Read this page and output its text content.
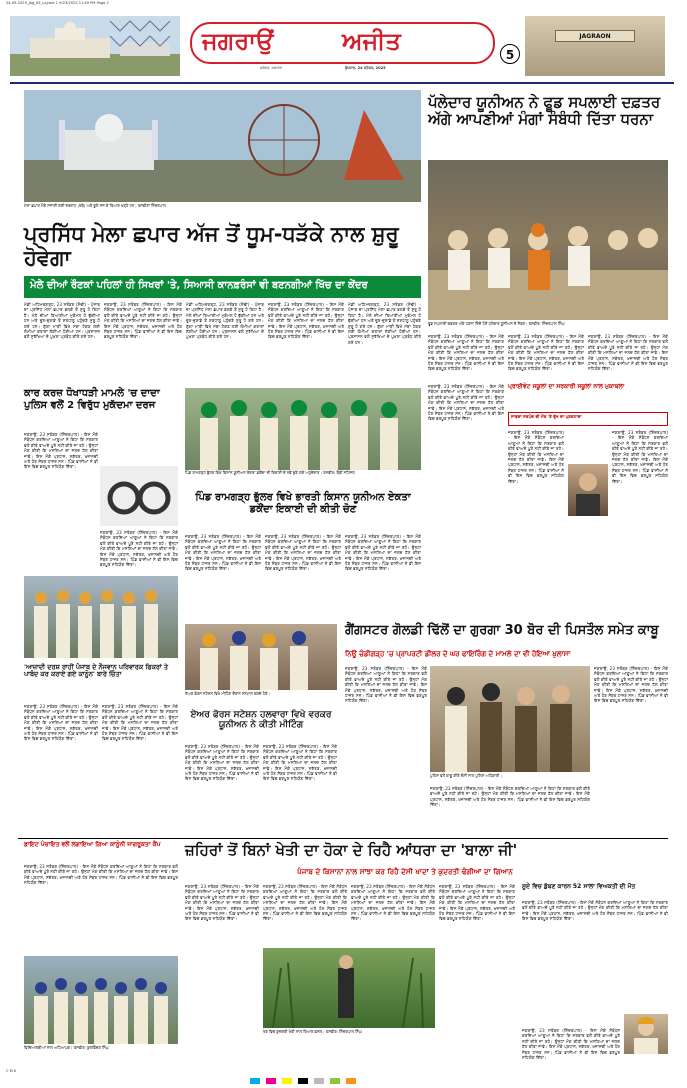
24-09-2025_Jag_05_Layout 1 9/23/2025 11:49 PM Page 2
ਜਗਰਾਉਂ	ਅਜੀਤ
ਜਲੰਧਰ, ਸਕਾਰਣ	ਬੁੱਧਵਾਰ, 24 ਸਤੰਬਰ, 2025
5
JAGRAON
ਮੇਲਾ ਛਪਾਰ ਮੌਕੇ ਸਜਾਈ ਗਈ ਦਰਗਾਹ (ਖੱਬੇ) ਅਤੇ ਝੂਲੇ ਸਜ ਕੇ ਤਿਆਰ ਖੜ੍ਹੇ ਹਨ। ਤਸਵੀਰਾਂ ਸ਼ਿੰਦਰਪਾਲ
ਪ੍ਰਸਿੱਧ ਮੇਲਾ ਛਪਾਰ ਅੱਜ ਤੋਂ ਧੂਮ-ਧੜੱਕੇ ਨਾਲ ਸ਼ੁਰੂ ਹੋਵੇਗਾ
ਮੇਲੇ ਦੀਆਂ ਰੌਣਕਾਂ ਪਹਿਲਾਂ ਹੀ ਸਿਖਰਾਂ 'ਤੇ, ਸਿਆਸੀ ਕਾਨਫ਼ਰੰਸਾਂ ਵੀ ਬਣਨਗੀਆਂ ਖਿੱਚ ਦਾ ਕੇਂਦਰ
ਮੰਡੀ ਅਹਿਮਦਗੜ੍ਹ, 23 ਸਤੰਬਰ (ਸੋਢੀ) - ਪੰਜਾਬ ਦਾ ਪ੍ਰਸਿੱਧ ਮੇਲਾ ਛਪਾਰ ਭਲਕੇ ਤੋਂ ਸ਼ੁਰੂ ਹੋ ਰਿਹਾ ਹੈ। ਮੇਲੇ ਦੀਆਂ ਤਿਆਰੀਆਂ ਮੁਕੰਮਲ ਹੋ ਚੁੱਕੀਆਂ ਹਨ ਅਤੇ ਦੂਰ-ਦੁਰਾਡੇ ਤੋਂ ਸ਼ਰਧਾਲੂ ਪਹੁੰਚਣੇ ਸ਼ੁਰੂ ਹੋ ਗਏ ਹਨ। ਗੁੱਗਾ ਮਾੜੀ ਵਿਖੇ ਮੱਥਾ ਟੇਕਣ ਲਈ ਲੰਮੀਆਂ ਕਤਾਰਾਂ ਲੱਗੀਆਂ ਹੋਈਆਂ ਹਨ। ਪ੍ਰਸ਼ਾਸਨ ਵਲੋਂ ਸੁਰੱਖਿਆ ਦੇ ਪੁਖ਼ਤਾ ਪ੍ਰਬੰਧ ਕੀਤੇ ਗਏ ਹਨ।
ਜਗਰਾਉਂ, 23 ਸਤੰਬਰ (ਸ਼ਿੰਦਰਪਾਲ) - ਇਸ ਮੌਕੇ ਸੰਬੋਧਨ ਕਰਦਿਆਂ ਆਗੂਆਂ ਨੇ ਕਿਹਾ ਕਿ ਸਰਕਾਰ ਵਲੋਂ ਕੀਤੇ ਵਾਅਦੇ ਪੂਰੇ ਨਹੀਂ ਕੀਤੇ ਜਾ ਰਹੇ। ਉਨ੍ਹਾਂ ਮੰਗ ਕੀਤੀ ਕਿ ਮਸਲਿਆਂ ਦਾ ਜਲਦ ਹੱਲ ਕੀਤਾ ਜਾਵੇ। ਇਸ ਮੌਕੇ ਪ੍ਰਧਾਨ, ਸਕੱਤਰ, ਖ਼ਜ਼ਾਨਚੀ ਅਤੇ ਹੋਰ ਮੈਂਬਰ ਹਾਜ਼ਰ ਸਨ। ਪਿੰਡ ਵਾਸੀਆਂ ਨੇ ਵੀ ਇਸ ਵਿਚ ਭਰਪੂਰ ਸਹਿਯੋਗ ਦਿੱਤਾ।
ਮੰਡੀ ਅਹਿਮਦਗੜ੍ਹ, 23 ਸਤੰਬਰ (ਸੋਢੀ) - ਪੰਜਾਬ ਦਾ ਪ੍ਰਸਿੱਧ ਮੇਲਾ ਛਪਾਰ ਭਲਕੇ ਤੋਂ ਸ਼ੁਰੂ ਹੋ ਰਿਹਾ ਹੈ। ਮੇਲੇ ਦੀਆਂ ਤਿਆਰੀਆਂ ਮੁਕੰਮਲ ਹੋ ਚੁੱਕੀਆਂ ਹਨ ਅਤੇ ਦੂਰ-ਦੁਰਾਡੇ ਤੋਂ ਸ਼ਰਧਾਲੂ ਪਹੁੰਚਣੇ ਸ਼ੁਰੂ ਹੋ ਗਏ ਹਨ। ਗੁੱਗਾ ਮਾੜੀ ਵਿਖੇ ਮੱਥਾ ਟੇਕਣ ਲਈ ਲੰਮੀਆਂ ਕਤਾਰਾਂ ਲੱਗੀਆਂ ਹੋਈਆਂ ਹਨ। ਪ੍ਰਸ਼ਾਸਨ ਵਲੋਂ ਸੁਰੱਖਿਆ ਦੇ ਪੁਖ਼ਤਾ ਪ੍ਰਬੰਧ ਕੀਤੇ ਗਏ ਹਨ।
ਜਗਰਾਉਂ, 23 ਸਤੰਬਰ (ਸ਼ਿੰਦਰਪਾਲ) - ਇਸ ਮੌਕੇ ਸੰਬੋਧਨ ਕਰਦਿਆਂ ਆਗੂਆਂ ਨੇ ਕਿਹਾ ਕਿ ਸਰਕਾਰ ਵਲੋਂ ਕੀਤੇ ਵਾਅਦੇ ਪੂਰੇ ਨਹੀਂ ਕੀਤੇ ਜਾ ਰਹੇ। ਉਨ੍ਹਾਂ ਮੰਗ ਕੀਤੀ ਕਿ ਮਸਲਿਆਂ ਦਾ ਜਲਦ ਹੱਲ ਕੀਤਾ ਜਾਵੇ। ਇਸ ਮੌਕੇ ਪ੍ਰਧਾਨ, ਸਕੱਤਰ, ਖ਼ਜ਼ਾਨਚੀ ਅਤੇ ਹੋਰ ਮੈਂਬਰ ਹਾਜ਼ਰ ਸਨ। ਪਿੰਡ ਵਾਸੀਆਂ ਨੇ ਵੀ ਇਸ ਵਿਚ ਭਰਪੂਰ ਸਹਿਯੋਗ ਦਿੱਤਾ।
ਮੰਡੀ ਅਹਿਮਦਗੜ੍ਹ, 23 ਸਤੰਬਰ (ਸੋਢੀ) - ਪੰਜਾਬ ਦਾ ਪ੍ਰਸਿੱਧ ਮੇਲਾ ਛਪਾਰ ਭਲਕੇ ਤੋਂ ਸ਼ੁਰੂ ਹੋ ਰਿਹਾ ਹੈ। ਮੇਲੇ ਦੀਆਂ ਤਿਆਰੀਆਂ ਮੁਕੰਮਲ ਹੋ ਚੁੱਕੀਆਂ ਹਨ ਅਤੇ ਦੂਰ-ਦੁਰਾਡੇ ਤੋਂ ਸ਼ਰਧਾਲੂ ਪਹੁੰਚਣੇ ਸ਼ੁਰੂ ਹੋ ਗਏ ਹਨ। ਗੁੱਗਾ ਮਾੜੀ ਵਿਖੇ ਮੱਥਾ ਟੇਕਣ ਲਈ ਲੰਮੀਆਂ ਕਤਾਰਾਂ ਲੱਗੀਆਂ ਹੋਈਆਂ ਹਨ। ਪ੍ਰਸ਼ਾਸਨ ਵਲੋਂ ਸੁਰੱਖਿਆ ਦੇ ਪੁਖ਼ਤਾ ਪ੍ਰਬੰਧ ਕੀਤੇ ਗਏ ਹਨ।
ਪੱਲੇਦਾਰ ਯੂਨੀਅਨ ਨੇ ਫੂਡ ਸਪਲਾਈ ਦਫ਼ਤਰ ਅੱਗੇ ਆਪਣੀਆਂ ਮੰਗਾਂ ਸੰਬੰਧੀ ਦਿੱਤਾ ਧਰਨਾ
ਫੂਡ ਸਪਲਾਈ ਦਫ਼ਤਰ ਅੱਗੇ ਧਰਨਾ ਦਿੰਦੇ ਹੋਏ ਪੱਲੇਦਾਰ ਯੂਨੀਅਨ ਦੇ ਮੈਂਬਰ। ਤਸਵੀਰ: ਸ਼ਿੰਦਰਪਾਲ ਸਿੰਘ
ਜਗਰਾਉਂ, 23 ਸਤੰਬਰ (ਸ਼ਿੰਦਰਪਾਲ) - ਇਸ ਮੌਕੇ ਸੰਬੋਧਨ ਕਰਦਿਆਂ ਆਗੂਆਂ ਨੇ ਕਿਹਾ ਕਿ ਸਰਕਾਰ ਵਲੋਂ ਕੀਤੇ ਵਾਅਦੇ ਪੂਰੇ ਨਹੀਂ ਕੀਤੇ ਜਾ ਰਹੇ। ਉਨ੍ਹਾਂ ਮੰਗ ਕੀਤੀ ਕਿ ਮਸਲਿਆਂ ਦਾ ਜਲਦ ਹੱਲ ਕੀਤਾ ਜਾਵੇ। ਇਸ ਮੌਕੇ ਪ੍ਰਧਾਨ, ਸਕੱਤਰ, ਖ਼ਜ਼ਾਨਚੀ ਅਤੇ ਹੋਰ ਮੈਂਬਰ ਹਾਜ਼ਰ ਸਨ। ਪਿੰਡ ਵਾਸੀਆਂ ਨੇ ਵੀ ਇਸ ਵਿਚ ਭਰਪੂਰ ਸਹਿਯੋਗ ਦਿੱਤਾ।
ਜਗਰਾਉਂ, 23 ਸਤੰਬਰ (ਸ਼ਿੰਦਰਪਾਲ) - ਇਸ ਮੌਕੇ ਸੰਬੋਧਨ ਕਰਦਿਆਂ ਆਗੂਆਂ ਨੇ ਕਿਹਾ ਕਿ ਸਰਕਾਰ ਵਲੋਂ ਕੀਤੇ ਵਾਅਦੇ ਪੂਰੇ ਨਹੀਂ ਕੀਤੇ ਜਾ ਰਹੇ। ਉਨ੍ਹਾਂ ਮੰਗ ਕੀਤੀ ਕਿ ਮਸਲਿਆਂ ਦਾ ਜਲਦ ਹੱਲ ਕੀਤਾ ਜਾਵੇ। ਇਸ ਮੌਕੇ ਪ੍ਰਧਾਨ, ਸਕੱਤਰ, ਖ਼ਜ਼ਾਨਚੀ ਅਤੇ ਹੋਰ ਮੈਂਬਰ ਹਾਜ਼ਰ ਸਨ। ਪਿੰਡ ਵਾਸੀਆਂ ਨੇ ਵੀ ਇਸ ਵਿਚ ਭਰਪੂਰ ਸਹਿਯੋਗ ਦਿੱਤਾ।
ਜਗਰਾਉਂ, 23 ਸਤੰਬਰ (ਸ਼ਿੰਦਰਪਾਲ) - ਇਸ ਮੌਕੇ ਸੰਬੋਧਨ ਕਰਦਿਆਂ ਆਗੂਆਂ ਨੇ ਕਿਹਾ ਕਿ ਸਰਕਾਰ ਵਲੋਂ ਕੀਤੇ ਵਾਅਦੇ ਪੂਰੇ ਨਹੀਂ ਕੀਤੇ ਜਾ ਰਹੇ। ਉਨ੍ਹਾਂ ਮੰਗ ਕੀਤੀ ਕਿ ਮਸਲਿਆਂ ਦਾ ਜਲਦ ਹੱਲ ਕੀਤਾ ਜਾਵੇ। ਇਸ ਮੌਕੇ ਪ੍ਰਧਾਨ, ਸਕੱਤਰ, ਖ਼ਜ਼ਾਨਚੀ ਅਤੇ ਹੋਰ ਮੈਂਬਰ ਹਾਜ਼ਰ ਸਨ। ਪਿੰਡ ਵਾਸੀਆਂ ਨੇ ਵੀ ਇਸ ਵਿਚ ਭਰਪੂਰ ਸਹਿਯੋਗ ਦਿੱਤਾ।
ਕਾਰ ਕਰਜ਼ ਧੋਖਾਧੜੀ ਮਾਮਲੇ 'ਚ ਦਾਦਾ ਪੁਲਿਸ ਵਲੋਂ 2 ਵਿਰੁੱਧ ਮੁਕੱਦਮਾ ਦਰਜ
ਜਗਰਾਉਂ, 23 ਸਤੰਬਰ (ਸ਼ਿੰਦਰਪਾਲ) - ਇਸ ਮੌਕੇ ਸੰਬੋਧਨ ਕਰਦਿਆਂ ਆਗੂਆਂ ਨੇ ਕਿਹਾ ਕਿ ਸਰਕਾਰ ਵਲੋਂ ਕੀਤੇ ਵਾਅਦੇ ਪੂਰੇ ਨਹੀਂ ਕੀਤੇ ਜਾ ਰਹੇ। ਉਨ੍ਹਾਂ ਮੰਗ ਕੀਤੀ ਕਿ ਮਸਲਿਆਂ ਦਾ ਜਲਦ ਹੱਲ ਕੀਤਾ ਜਾਵੇ। ਇਸ ਮੌਕੇ ਪ੍ਰਧਾਨ, ਸਕੱਤਰ, ਖ਼ਜ਼ਾਨਚੀ ਅਤੇ ਹੋਰ ਮੈਂਬਰ ਹਾਜ਼ਰ ਸਨ। ਪਿੰਡ ਵਾਸੀਆਂ ਨੇ ਵੀ ਇਸ ਵਿਚ ਭਰਪੂਰ ਸਹਿਯੋਗ ਦਿੱਤਾ।
ਜਗਰਾਉਂ, 23 ਸਤੰਬਰ (ਸ਼ਿੰਦਰਪਾਲ) - ਇਸ ਮੌਕੇ ਸੰਬੋਧਨ ਕਰਦਿਆਂ ਆਗੂਆਂ ਨੇ ਕਿਹਾ ਕਿ ਸਰਕਾਰ ਵਲੋਂ ਕੀਤੇ ਵਾਅਦੇ ਪੂਰੇ ਨਹੀਂ ਕੀਤੇ ਜਾ ਰਹੇ। ਉਨ੍ਹਾਂ ਮੰਗ ਕੀਤੀ ਕਿ ਮਸਲਿਆਂ ਦਾ ਜਲਦ ਹੱਲ ਕੀਤਾ ਜਾਵੇ। ਇਸ ਮੌਕੇ ਪ੍ਰਧਾਨ, ਸਕੱਤਰ, ਖ਼ਜ਼ਾਨਚੀ ਅਤੇ ਹੋਰ ਮੈਂਬਰ ਹਾਜ਼ਰ ਸਨ। ਪਿੰਡ ਵਾਸੀਆਂ ਨੇ ਵੀ ਇਸ ਵਿਚ ਭਰਪੂਰ ਸਹਿਯੋਗ ਦਿੱਤਾ।
ਪਿੰਡ ਰਾਮਗੜ੍ਹ ਭੁੱਲਰ ਵਿਖੇ ਕਿਸਾਨ ਯੂਨੀਅਨ ਏਕਤਾ ਡਕੌਂਦਾ ਦੀ ਇਕਾਈ ਦੇ ਨਵੇਂ ਚੁਣੇ ਗਏ ਅਹੁਦੇਦਾਰ। ਤਸਵੀਰ: ਬੌਬੀ ਸਹਿਜਲ
ਪਿੰਡ ਰਾਮਗੜ੍ਹ ਭੁੱਲਰ ਵਿਖੇ ਭਾਰਤੀ ਕਿਸਾਨ ਯੂਨੀਅਨ ਏਕਤਾ ਡਕੌਂਦਾ ਇਕਾਈ ਦੀ ਕੀਤੀ ਚੋਣ
ਜਗਰਾਉਂ, 23 ਸਤੰਬਰ (ਸ਼ਿੰਦਰਪਾਲ) - ਇਸ ਮੌਕੇ ਸੰਬੋਧਨ ਕਰਦਿਆਂ ਆਗੂਆਂ ਨੇ ਕਿਹਾ ਕਿ ਸਰਕਾਰ ਵਲੋਂ ਕੀਤੇ ਵਾਅਦੇ ਪੂਰੇ ਨਹੀਂ ਕੀਤੇ ਜਾ ਰਹੇ। ਉਨ੍ਹਾਂ ਮੰਗ ਕੀਤੀ ਕਿ ਮਸਲਿਆਂ ਦਾ ਜਲਦ ਹੱਲ ਕੀਤਾ ਜਾਵੇ। ਇਸ ਮੌਕੇ ਪ੍ਰਧਾਨ, ਸਕੱਤਰ, ਖ਼ਜ਼ਾਨਚੀ ਅਤੇ ਹੋਰ ਮੈਂਬਰ ਹਾਜ਼ਰ ਸਨ। ਪਿੰਡ ਵਾਸੀਆਂ ਨੇ ਵੀ ਇਸ ਵਿਚ ਭਰਪੂਰ ਸਹਿਯੋਗ ਦਿੱਤਾ।
ਜਗਰਾਉਂ, 23 ਸਤੰਬਰ (ਸ਼ਿੰਦਰਪਾਲ) - ਇਸ ਮੌਕੇ ਸੰਬੋਧਨ ਕਰਦਿਆਂ ਆਗੂਆਂ ਨੇ ਕਿਹਾ ਕਿ ਸਰਕਾਰ ਵਲੋਂ ਕੀਤੇ ਵਾਅਦੇ ਪੂਰੇ ਨਹੀਂ ਕੀਤੇ ਜਾ ਰਹੇ। ਉਨ੍ਹਾਂ ਮੰਗ ਕੀਤੀ ਕਿ ਮਸਲਿਆਂ ਦਾ ਜਲਦ ਹੱਲ ਕੀਤਾ ਜਾਵੇ। ਇਸ ਮੌਕੇ ਪ੍ਰਧਾਨ, ਸਕੱਤਰ, ਖ਼ਜ਼ਾਨਚੀ ਅਤੇ ਹੋਰ ਮੈਂਬਰ ਹਾਜ਼ਰ ਸਨ। ਪਿੰਡ ਵਾਸੀਆਂ ਨੇ ਵੀ ਇਸ ਵਿਚ ਭਰਪੂਰ ਸਹਿਯੋਗ ਦਿੱਤਾ।
ਜਗਰਾਉਂ, 23 ਸਤੰਬਰ (ਸ਼ਿੰਦਰਪਾਲ) - ਇਸ ਮੌਕੇ ਸੰਬੋਧਨ ਕਰਦਿਆਂ ਆਗੂਆਂ ਨੇ ਕਿਹਾ ਕਿ ਸਰਕਾਰ ਵਲੋਂ ਕੀਤੇ ਵਾਅਦੇ ਪੂਰੇ ਨਹੀਂ ਕੀਤੇ ਜਾ ਰਹੇ। ਉਨ੍ਹਾਂ ਮੰਗ ਕੀਤੀ ਕਿ ਮਸਲਿਆਂ ਦਾ ਜਲਦ ਹੱਲ ਕੀਤਾ ਜਾਵੇ। ਇਸ ਮੌਕੇ ਪ੍ਰਧਾਨ, ਸਕੱਤਰ, ਖ਼ਜ਼ਾਨਚੀ ਅਤੇ ਹੋਰ ਮੈਂਬਰ ਹਾਜ਼ਰ ਸਨ। ਪਿੰਡ ਵਾਸੀਆਂ ਨੇ ਵੀ ਇਸ ਵਿਚ ਭਰਪੂਰ ਸਹਿਯੋਗ ਦਿੱਤਾ।
ਪ੍ਰਾਈਵੇਟ ਸਕੂਲਾਂ ਦਾ ਸਰਕਾਰੀ ਸਕੂਲਾਂ ਨਾਲ ਮੁਕਾਬਲਾ
ਜਗਰਾਉਂ, 23 ਸਤੰਬਰ (ਸ਼ਿੰਦਰਪਾਲ) - ਇਸ ਮੌਕੇ ਸੰਬੋਧਨ ਕਰਦਿਆਂ ਆਗੂਆਂ ਨੇ ਕਿਹਾ ਕਿ ਸਰਕਾਰ ਵਲੋਂ ਕੀਤੇ ਵਾਅਦੇ ਪੂਰੇ ਨਹੀਂ ਕੀਤੇ ਜਾ ਰਹੇ। ਉਨ੍ਹਾਂ ਮੰਗ ਕੀਤੀ ਕਿ ਮਸਲਿਆਂ ਦਾ ਜਲਦ ਹੱਲ ਕੀਤਾ ਜਾਵੇ। ਇਸ ਮੌਕੇ ਪ੍ਰਧਾਨ, ਸਕੱਤਰ, ਖ਼ਜ਼ਾਨਚੀ ਅਤੇ ਹੋਰ ਮੈਂਬਰ ਹਾਜ਼ਰ ਸਨ। ਪਿੰਡ ਵਾਸੀਆਂ ਨੇ ਵੀ ਇਸ ਵਿਚ ਭਰਪੂਰ ਸਹਿਯੋਗ ਦਿੱਤਾ।	ਸਾਬਕਾ ਸਰਪੰਚ ਦੀ ਮੌਤ 'ਤੇ ਦੁੱਖ ਦਾ ਪ੍ਰਗਟਾਵਾ
ਜਗਰਾਉਂ, 23 ਸਤੰਬਰ (ਸ਼ਿੰਦਰਪਾਲ) - ਇਸ ਮੌਕੇ ਸੰਬੋਧਨ ਕਰਦਿਆਂ ਆਗੂਆਂ ਨੇ ਕਿਹਾ ਕਿ ਸਰਕਾਰ ਵਲੋਂ ਕੀਤੇ ਵਾਅਦੇ ਪੂਰੇ ਨਹੀਂ ਕੀਤੇ ਜਾ ਰਹੇ। ਉਨ੍ਹਾਂ ਮੰਗ ਕੀਤੀ ਕਿ ਮਸਲਿਆਂ ਦਾ ਜਲਦ ਹੱਲ ਕੀਤਾ ਜਾਵੇ। ਇਸ ਮੌਕੇ ਪ੍ਰਧਾਨ, ਸਕੱਤਰ, ਖ਼ਜ਼ਾਨਚੀ ਅਤੇ ਹੋਰ ਮੈਂਬਰ ਹਾਜ਼ਰ ਸਨ। ਪਿੰਡ ਵਾਸੀਆਂ ਨੇ ਵੀ ਇਸ ਵਿਚ ਭਰਪੂਰ ਸਹਿਯੋਗ ਦਿੱਤਾ।
ਜਗਰਾਉਂ, 23 ਸਤੰਬਰ (ਸ਼ਿੰਦਰਪਾਲ) - ਇਸ ਮੌਕੇ ਸੰਬੋਧਨ ਕਰਦਿਆਂ ਆਗੂਆਂ ਨੇ ਕਿਹਾ ਕਿ ਸਰਕਾਰ ਵਲੋਂ ਕੀਤੇ ਵਾਅਦੇ ਪੂਰੇ ਨਹੀਂ ਕੀਤੇ ਜਾ ਰਹੇ। ਉਨ੍ਹਾਂ ਮੰਗ ਕੀਤੀ ਕਿ ਮਸਲਿਆਂ ਦਾ ਜਲਦ ਹੱਲ ਕੀਤਾ ਜਾਵੇ। ਇਸ ਮੌਕੇ ਪ੍ਰਧਾਨ, ਸਕੱਤਰ, ਖ਼ਜ਼ਾਨਚੀ ਅਤੇ ਹੋਰ ਮੈਂਬਰ ਹਾਜ਼ਰ ਸਨ। ਪਿੰਡ ਵਾਸੀਆਂ ਨੇ ਵੀ ਇਸ ਵਿਚ ਭਰਪੂਰ ਸਹਿਯੋਗ ਦਿੱਤਾ।
'ਆਜ਼ਾਦੀ ਦਰਸ਼ ਰਾਹੀਂ ਪੰਜਾਬ ਦੇ ਨੌਜਵਾਨ ਪਰਿਵਾਰਕ ਫਿਕਰਾਂ ਤੇ ਪਾਬੰਦ ਕਰ ਕਰਾਏ ਗਏ ਕਾਨੂੰਨ' ਬਾਰੇ ਚਿੰਤਾ
ਜਗਰਾਉਂ, 23 ਸਤੰਬਰ (ਸ਼ਿੰਦਰਪਾਲ) - ਇਸ ਮੌਕੇ ਸੰਬੋਧਨ ਕਰਦਿਆਂ ਆਗੂਆਂ ਨੇ ਕਿਹਾ ਕਿ ਸਰਕਾਰ ਵਲੋਂ ਕੀਤੇ ਵਾਅਦੇ ਪੂਰੇ ਨਹੀਂ ਕੀਤੇ ਜਾ ਰਹੇ। ਉਨ੍ਹਾਂ ਮੰਗ ਕੀਤੀ ਕਿ ਮਸਲਿਆਂ ਦਾ ਜਲਦ ਹੱਲ ਕੀਤਾ ਜਾਵੇ। ਇਸ ਮੌਕੇ ਪ੍ਰਧਾਨ, ਸਕੱਤਰ, ਖ਼ਜ਼ਾਨਚੀ ਅਤੇ ਹੋਰ ਮੈਂਬਰ ਹਾਜ਼ਰ ਸਨ। ਪਿੰਡ ਵਾਸੀਆਂ ਨੇ ਵੀ ਇਸ ਵਿਚ ਭਰਪੂਰ ਸਹਿਯੋਗ ਦਿੱਤਾ।
ਜਗਰਾਉਂ, 23 ਸਤੰਬਰ (ਸ਼ਿੰਦਰਪਾਲ) - ਇਸ ਮੌਕੇ ਸੰਬੋਧਨ ਕਰਦਿਆਂ ਆਗੂਆਂ ਨੇ ਕਿਹਾ ਕਿ ਸਰਕਾਰ ਵਲੋਂ ਕੀਤੇ ਵਾਅਦੇ ਪੂਰੇ ਨਹੀਂ ਕੀਤੇ ਜਾ ਰਹੇ। ਉਨ੍ਹਾਂ ਮੰਗ ਕੀਤੀ ਕਿ ਮਸਲਿਆਂ ਦਾ ਜਲਦ ਹੱਲ ਕੀਤਾ ਜਾਵੇ। ਇਸ ਮੌਕੇ ਪ੍ਰਧਾਨ, ਸਕੱਤਰ, ਖ਼ਜ਼ਾਨਚੀ ਅਤੇ ਹੋਰ ਮੈਂਬਰ ਹਾਜ਼ਰ ਸਨ। ਪਿੰਡ ਵਾਸੀਆਂ ਨੇ ਵੀ ਇਸ ਵਿਚ ਭਰਪੂਰ ਸਹਿਯੋਗ ਦਿੱਤਾ।
ਏਅਰ ਫੋਰਸ ਸਟੇਸ਼ਨ ਵਿਖੇ ਮੀਟਿੰਗ ਦੌਰਾਨ ਸਨਮਾਨ ਕਰਦੇ ਹੋਏ।
ਏਅਰ ਫੋਰਸ ਸਟੇਸ਼ਨ ਹਲਵਾਰਾ ਵਿਖੇ ਵਰਕਰ ਯੂਨੀਅਨ ਨੇ ਕੀਤੀ ਮੀਟਿੰਗ
ਜਗਰਾਉਂ, 23 ਸਤੰਬਰ (ਸ਼ਿੰਦਰਪਾਲ) - ਇਸ ਮੌਕੇ ਸੰਬੋਧਨ ਕਰਦਿਆਂ ਆਗੂਆਂ ਨੇ ਕਿਹਾ ਕਿ ਸਰਕਾਰ ਵਲੋਂ ਕੀਤੇ ਵਾਅਦੇ ਪੂਰੇ ਨਹੀਂ ਕੀਤੇ ਜਾ ਰਹੇ। ਉਨ੍ਹਾਂ ਮੰਗ ਕੀਤੀ ਕਿ ਮਸਲਿਆਂ ਦਾ ਜਲਦ ਹੱਲ ਕੀਤਾ ਜਾਵੇ। ਇਸ ਮੌਕੇ ਪ੍ਰਧਾਨ, ਸਕੱਤਰ, ਖ਼ਜ਼ਾਨਚੀ ਅਤੇ ਹੋਰ ਮੈਂਬਰ ਹਾਜ਼ਰ ਸਨ। ਪਿੰਡ ਵਾਸੀਆਂ ਨੇ ਵੀ ਇਸ ਵਿਚ ਭਰਪੂਰ ਸਹਿਯੋਗ ਦਿੱਤਾ।
ਜਗਰਾਉਂ, 23 ਸਤੰਬਰ (ਸ਼ਿੰਦਰਪਾਲ) - ਇਸ ਮੌਕੇ ਸੰਬੋਧਨ ਕਰਦਿਆਂ ਆਗੂਆਂ ਨੇ ਕਿਹਾ ਕਿ ਸਰਕਾਰ ਵਲੋਂ ਕੀਤੇ ਵਾਅਦੇ ਪੂਰੇ ਨਹੀਂ ਕੀਤੇ ਜਾ ਰਹੇ। ਉਨ੍ਹਾਂ ਮੰਗ ਕੀਤੀ ਕਿ ਮਸਲਿਆਂ ਦਾ ਜਲਦ ਹੱਲ ਕੀਤਾ ਜਾਵੇ। ਇਸ ਮੌਕੇ ਪ੍ਰਧਾਨ, ਸਕੱਤਰ, ਖ਼ਜ਼ਾਨਚੀ ਅਤੇ ਹੋਰ ਮੈਂਬਰ ਹਾਜ਼ਰ ਸਨ। ਪਿੰਡ ਵਾਸੀਆਂ ਨੇ ਵੀ ਇਸ ਵਿਚ ਭਰਪੂਰ ਸਹਿਯੋਗ ਦਿੱਤਾ।
ਗੈਂਗਸਟਰ ਗੋਲਡੀ ਢਿੱਲੋਂ ਦਾ ਗੁਰਗਾ 30 ਬੋਰ ਦੀ ਪਿਸਤੌਲ ਸਮੇਤ ਕਾਬੂ
ਨਿਊ ਚੰਡੀਗੜ੍ਹ 'ਚ ਪ੍ਰਾਪਰਟੀ ਡੀਲਰ ਦੇ ਘਰ ਫਾਇਰਿੰਗ ਦੇ ਮਾਮਲੇ ਦਾ ਵੀ ਹੋਇਆ ਖ਼ੁਲਾਸਾ
ਜਗਰਾਉਂ, 23 ਸਤੰਬਰ (ਸ਼ਿੰਦਰਪਾਲ) - ਇਸ ਮੌਕੇ ਸੰਬੋਧਨ ਕਰਦਿਆਂ ਆਗੂਆਂ ਨੇ ਕਿਹਾ ਕਿ ਸਰਕਾਰ ਵਲੋਂ ਕੀਤੇ ਵਾਅਦੇ ਪੂਰੇ ਨਹੀਂ ਕੀਤੇ ਜਾ ਰਹੇ। ਉਨ੍ਹਾਂ ਮੰਗ ਕੀਤੀ ਕਿ ਮਸਲਿਆਂ ਦਾ ਜਲਦ ਹੱਲ ਕੀਤਾ ਜਾਵੇ। ਇਸ ਮੌਕੇ ਪ੍ਰਧਾਨ, ਸਕੱਤਰ, ਖ਼ਜ਼ਾਨਚੀ ਅਤੇ ਹੋਰ ਮੈਂਬਰ ਹਾਜ਼ਰ ਸਨ। ਪਿੰਡ ਵਾਸੀਆਂ ਨੇ ਵੀ ਇਸ ਵਿਚ ਭਰਪੂਰ ਸਹਿਯੋਗ ਦਿੱਤਾ।
ਪੁਲਿਸ ਵਲੋਂ ਕਾਬੂ ਕੀਤੇ ਦੋਸ਼ੀ ਨਾਲ ਪੁਲਿਸ ਅਧਿਕਾਰੀ।
ਜਗਰਾਉਂ, 23 ਸਤੰਬਰ (ਸ਼ਿੰਦਰਪਾਲ) - ਇਸ ਮੌਕੇ ਸੰਬੋਧਨ ਕਰਦਿਆਂ ਆਗੂਆਂ ਨੇ ਕਿਹਾ ਕਿ ਸਰਕਾਰ ਵਲੋਂ ਕੀਤੇ ਵਾਅਦੇ ਪੂਰੇ ਨਹੀਂ ਕੀਤੇ ਜਾ ਰਹੇ। ਉਨ੍ਹਾਂ ਮੰਗ ਕੀਤੀ ਕਿ ਮਸਲਿਆਂ ਦਾ ਜਲਦ ਹੱਲ ਕੀਤਾ ਜਾਵੇ। ਇਸ ਮੌਕੇ ਪ੍ਰਧਾਨ, ਸਕੱਤਰ, ਖ਼ਜ਼ਾਨਚੀ ਅਤੇ ਹੋਰ ਮੈਂਬਰ ਹਾਜ਼ਰ ਸਨ। ਪਿੰਡ ਵਾਸੀਆਂ ਨੇ ਵੀ ਇਸ ਵਿਚ ਭਰਪੂਰ ਸਹਿਯੋਗ ਦਿੱਤਾ।
ਜਗਰਾਉਂ, 23 ਸਤੰਬਰ (ਸ਼ਿੰਦਰਪਾਲ) - ਇਸ ਮੌਕੇ ਸੰਬੋਧਨ ਕਰਦਿਆਂ ਆਗੂਆਂ ਨੇ ਕਿਹਾ ਕਿ ਸਰਕਾਰ ਵਲੋਂ ਕੀਤੇ ਵਾਅਦੇ ਪੂਰੇ ਨਹੀਂ ਕੀਤੇ ਜਾ ਰਹੇ। ਉਨ੍ਹਾਂ ਮੰਗ ਕੀਤੀ ਕਿ ਮਸਲਿਆਂ ਦਾ ਜਲਦ ਹੱਲ ਕੀਤਾ ਜਾਵੇ। ਇਸ ਮੌਕੇ ਪ੍ਰਧਾਨ, ਸਕੱਤਰ, ਖ਼ਜ਼ਾਨਚੀ ਅਤੇ ਹੋਰ ਮੈਂਬਰ ਹਾਜ਼ਰ ਸਨ। ਪਿੰਡ ਵਾਸੀਆਂ ਨੇ ਵੀ ਇਸ ਵਿਚ ਭਰਪੂਰ ਸਹਿਯੋਗ ਦਿੱਤਾ।
ਜ਼ਹਿਰਾਂ ਤੋਂ ਬਿਨਾਂ ਖੇਤੀ ਦਾ ਹੋਕਾ ਦੇ ਰਿਹੈ ਆਂਧਰਾ ਦਾ 'ਬਾਲਾ ਜੀ'
ਪੰਜਾਬ ਦੇ ਕਿਸਾਨਾਂ ਨਾਲ ਸਾਂਝਾ ਕਰ ਰਿਹੈ ਦੇਸੀ ਖਾਦਾਂ ਤੇ ਕੁਦਰਤੀ ਢੰਗੀਆਂ ਦਾ ਗਿਆਨ
ਜਗਰਾਉਂ, 23 ਸਤੰਬਰ (ਸ਼ਿੰਦਰਪਾਲ) - ਇਸ ਮੌਕੇ ਸੰਬੋਧਨ ਕਰਦਿਆਂ ਆਗੂਆਂ ਨੇ ਕਿਹਾ ਕਿ ਸਰਕਾਰ ਵਲੋਂ ਕੀਤੇ ਵਾਅਦੇ ਪੂਰੇ ਨਹੀਂ ਕੀਤੇ ਜਾ ਰਹੇ। ਉਨ੍ਹਾਂ ਮੰਗ ਕੀਤੀ ਕਿ ਮਸਲਿਆਂ ਦਾ ਜਲਦ ਹੱਲ ਕੀਤਾ ਜਾਵੇ। ਇਸ ਮੌਕੇ ਪ੍ਰਧਾਨ, ਸਕੱਤਰ, ਖ਼ਜ਼ਾਨਚੀ ਅਤੇ ਹੋਰ ਮੈਂਬਰ ਹਾਜ਼ਰ ਸਨ। ਪਿੰਡ ਵਾਸੀਆਂ ਨੇ ਵੀ ਇਸ ਵਿਚ ਭਰਪੂਰ ਸਹਿਯੋਗ ਦਿੱਤਾ।
ਜਗਰਾਉਂ, 23 ਸਤੰਬਰ (ਸ਼ਿੰਦਰਪਾਲ) - ਇਸ ਮੌਕੇ ਸੰਬੋਧਨ ਕਰਦਿਆਂ ਆਗੂਆਂ ਨੇ ਕਿਹਾ ਕਿ ਸਰਕਾਰ ਵਲੋਂ ਕੀਤੇ ਵਾਅਦੇ ਪੂਰੇ ਨਹੀਂ ਕੀਤੇ ਜਾ ਰਹੇ। ਉਨ੍ਹਾਂ ਮੰਗ ਕੀਤੀ ਕਿ ਮਸਲਿਆਂ ਦਾ ਜਲਦ ਹੱਲ ਕੀਤਾ ਜਾਵੇ। ਇਸ ਮੌਕੇ ਪ੍ਰਧਾਨ, ਸਕੱਤਰ, ਖ਼ਜ਼ਾਨਚੀ ਅਤੇ ਹੋਰ ਮੈਂਬਰ ਹਾਜ਼ਰ ਸਨ। ਪਿੰਡ ਵਾਸੀਆਂ ਨੇ ਵੀ ਇਸ ਵਿਚ ਭਰਪੂਰ ਸਹਿਯੋਗ ਦਿੱਤਾ।
ਜਗਰਾਉਂ, 23 ਸਤੰਬਰ (ਸ਼ਿੰਦਰਪਾਲ) - ਇਸ ਮੌਕੇ ਸੰਬੋਧਨ ਕਰਦਿਆਂ ਆਗੂਆਂ ਨੇ ਕਿਹਾ ਕਿ ਸਰਕਾਰ ਵਲੋਂ ਕੀਤੇ ਵਾਅਦੇ ਪੂਰੇ ਨਹੀਂ ਕੀਤੇ ਜਾ ਰਹੇ। ਉਨ੍ਹਾਂ ਮੰਗ ਕੀਤੀ ਕਿ ਮਸਲਿਆਂ ਦਾ ਜਲਦ ਹੱਲ ਕੀਤਾ ਜਾਵੇ। ਇਸ ਮੌਕੇ ਪ੍ਰਧਾਨ, ਸਕੱਤਰ, ਖ਼ਜ਼ਾਨਚੀ ਅਤੇ ਹੋਰ ਮੈਂਬਰ ਹਾਜ਼ਰ ਸਨ। ਪਿੰਡ ਵਾਸੀਆਂ ਨੇ ਵੀ ਇਸ ਵਿਚ ਭਰਪੂਰ ਸਹਿਯੋਗ ਦਿੱਤਾ।
ਖੇਤ ਵਿਚ ਕੁਦਰਤੀ ਖੇਤੀ ਨਾਲ ਤਿਆਰ ਫ਼ਸਲ। ਤਸਵੀਰ: ਸ਼ਿੰਦਰਪਾਲ ਸਿੰਘ
ਜਗਰਾਉਂ, 23 ਸਤੰਬਰ (ਸ਼ਿੰਦਰਪਾਲ) - ਇਸ ਮੌਕੇ ਸੰਬੋਧਨ ਕਰਦਿਆਂ ਆਗੂਆਂ ਨੇ ਕਿਹਾ ਕਿ ਸਰਕਾਰ ਵਲੋਂ ਕੀਤੇ ਵਾਅਦੇ ਪੂਰੇ ਨਹੀਂ ਕੀਤੇ ਜਾ ਰਹੇ। ਉਨ੍ਹਾਂ ਮੰਗ ਕੀਤੀ ਕਿ ਮਸਲਿਆਂ ਦਾ ਜਲਦ ਹੱਲ ਕੀਤਾ ਜਾਵੇ। ਇਸ ਮੌਕੇ ਪ੍ਰਧਾਨ, ਸਕੱਤਰ, ਖ਼ਜ਼ਾਨਚੀ ਅਤੇ ਹੋਰ ਮੈਂਬਰ ਹਾਜ਼ਰ ਸਨ। ਪਿੰਡ ਵਾਸੀਆਂ ਨੇ ਵੀ ਇਸ ਵਿਚ ਭਰਪੂਰ ਸਹਿਯੋਗ ਦਿੱਤਾ।
ਡਾਇਟ ਪੰਚਾਇਤ ਵਲੋਂ ਲਗਾਇਆ ਗਿਆ ਕਾਨੂੰਨੀ ਜਾਗਰੂਕਤਾ ਕੈਂਪ
ਜਗਰਾਉਂ, 23 ਸਤੰਬਰ (ਸ਼ਿੰਦਰਪਾਲ) - ਇਸ ਮੌਕੇ ਸੰਬੋਧਨ ਕਰਦਿਆਂ ਆਗੂਆਂ ਨੇ ਕਿਹਾ ਕਿ ਸਰਕਾਰ ਵਲੋਂ ਕੀਤੇ ਵਾਅਦੇ ਪੂਰੇ ਨਹੀਂ ਕੀਤੇ ਜਾ ਰਹੇ। ਉਨ੍ਹਾਂ ਮੰਗ ਕੀਤੀ ਕਿ ਮਸਲਿਆਂ ਦਾ ਜਲਦ ਹੱਲ ਕੀਤਾ ਜਾਵੇ। ਇਸ ਮੌਕੇ ਪ੍ਰਧਾਨ, ਸਕੱਤਰ, ਖ਼ਜ਼ਾਨਚੀ ਅਤੇ ਹੋਰ ਮੈਂਬਰ ਹਾਜ਼ਰ ਸਨ। ਪਿੰਡ ਵਾਸੀਆਂ ਨੇ ਵੀ ਇਸ ਵਿਚ ਭਰਪੂਰ ਸਹਿਯੋਗ ਦਿੱਤਾ।
ਵਿਦਿਆਰਥੀਆਂ ਨਾਲ ਅਧਿਆਪਕ। ਤਸਵੀਰ: ਕੁਲਵਿੰਦਰ ਸਿੰਘ
ਸੂਏ ਵਿਚ ਡੁੱਬਣ ਕਾਰਨ 52 ਸਾਲਾ ਵਿਅਕਤੀ ਦੀ ਮੌਤ
ਜਗਰਾਉਂ, 23 ਸਤੰਬਰ (ਸ਼ਿੰਦਰਪਾਲ) - ਇਸ ਮੌਕੇ ਸੰਬੋਧਨ ਕਰਦਿਆਂ ਆਗੂਆਂ ਨੇ ਕਿਹਾ ਕਿ ਸਰਕਾਰ ਵਲੋਂ ਕੀਤੇ ਵਾਅਦੇ ਪੂਰੇ ਨਹੀਂ ਕੀਤੇ ਜਾ ਰਹੇ। ਉਨ੍ਹਾਂ ਮੰਗ ਕੀਤੀ ਕਿ ਮਸਲਿਆਂ ਦਾ ਜਲਦ ਹੱਲ ਕੀਤਾ ਜਾਵੇ। ਇਸ ਮੌਕੇ ਪ੍ਰਧਾਨ, ਸਕੱਤਰ, ਖ਼ਜ਼ਾਨਚੀ ਅਤੇ ਹੋਰ ਮੈਂਬਰ ਹਾਜ਼ਰ ਸਨ। ਪਿੰਡ ਵਾਸੀਆਂ ਨੇ ਵੀ ਇਸ ਵਿਚ ਭਰਪੂਰ ਸਹਿਯੋਗ ਦਿੱਤਾ।
ਜਗਰਾਉਂ, 23 ਸਤੰਬਰ (ਸ਼ਿੰਦਰਪਾਲ) - ਇਸ ਮੌਕੇ ਸੰਬੋਧਨ ਕਰਦਿਆਂ ਆਗੂਆਂ ਨੇ ਕਿਹਾ ਕਿ ਸਰਕਾਰ ਵਲੋਂ ਕੀਤੇ ਵਾਅਦੇ ਪੂਰੇ ਨਹੀਂ ਕੀਤੇ ਜਾ ਰਹੇ। ਉਨ੍ਹਾਂ ਮੰਗ ਕੀਤੀ ਕਿ ਮਸਲਿਆਂ ਦਾ ਜਲਦ ਹੱਲ ਕੀਤਾ ਜਾਵੇ। ਇਸ ਮੌਕੇ ਪ੍ਰਧਾਨ, ਸਕੱਤਰ, ਖ਼ਜ਼ਾਨਚੀ ਅਤੇ ਹੋਰ ਮੈਂਬਰ ਹਾਜ਼ਰ ਸਨ। ਪਿੰਡ ਵਾਸੀਆਂ ਨੇ ਵੀ ਇਸ ਵਿਚ ਭਰਪੂਰ ਸਹਿਯੋਗ ਦਿੱਤਾ।
C M K
